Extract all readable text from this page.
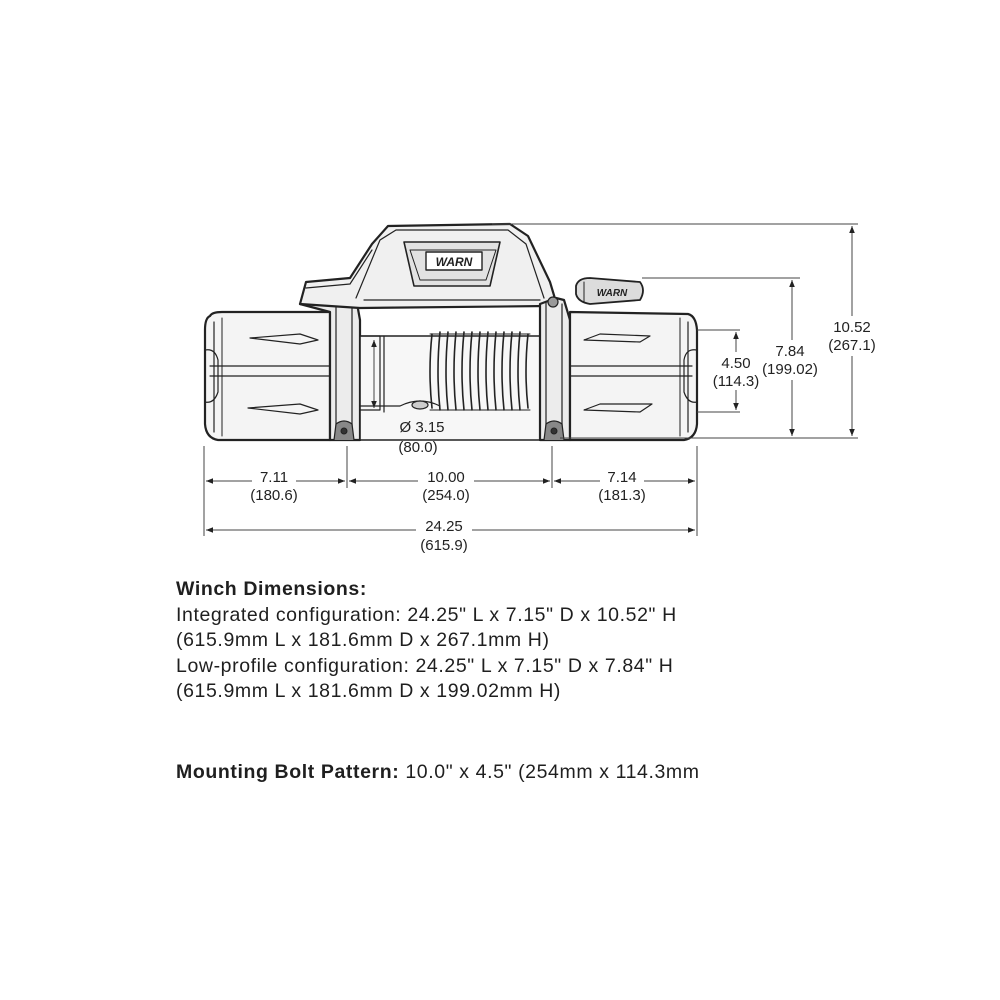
WARN
WARN
7.11
(180.6)
10.00
(254.0)
7.14
(181.3)
24.25
(615.9)
Ø 3.15
(80.0)
4.50
(114.3)
7.84
(199.02)
10.52
(267.1)
Winch Dimensions:
Integrated configuration: 24.25" L x 7.15" D x 10.52" H
(615.9mm L x 181.6mm D x 267.1mm H)
Low-profile configuration: 24.25" L x 7.15" D x 7.84" H
(615.9mm L x 181.6mm D x 199.02mm H)
Mounting Bolt Pattern: 10.0" x 4.5" (254mm x 114.3mm
